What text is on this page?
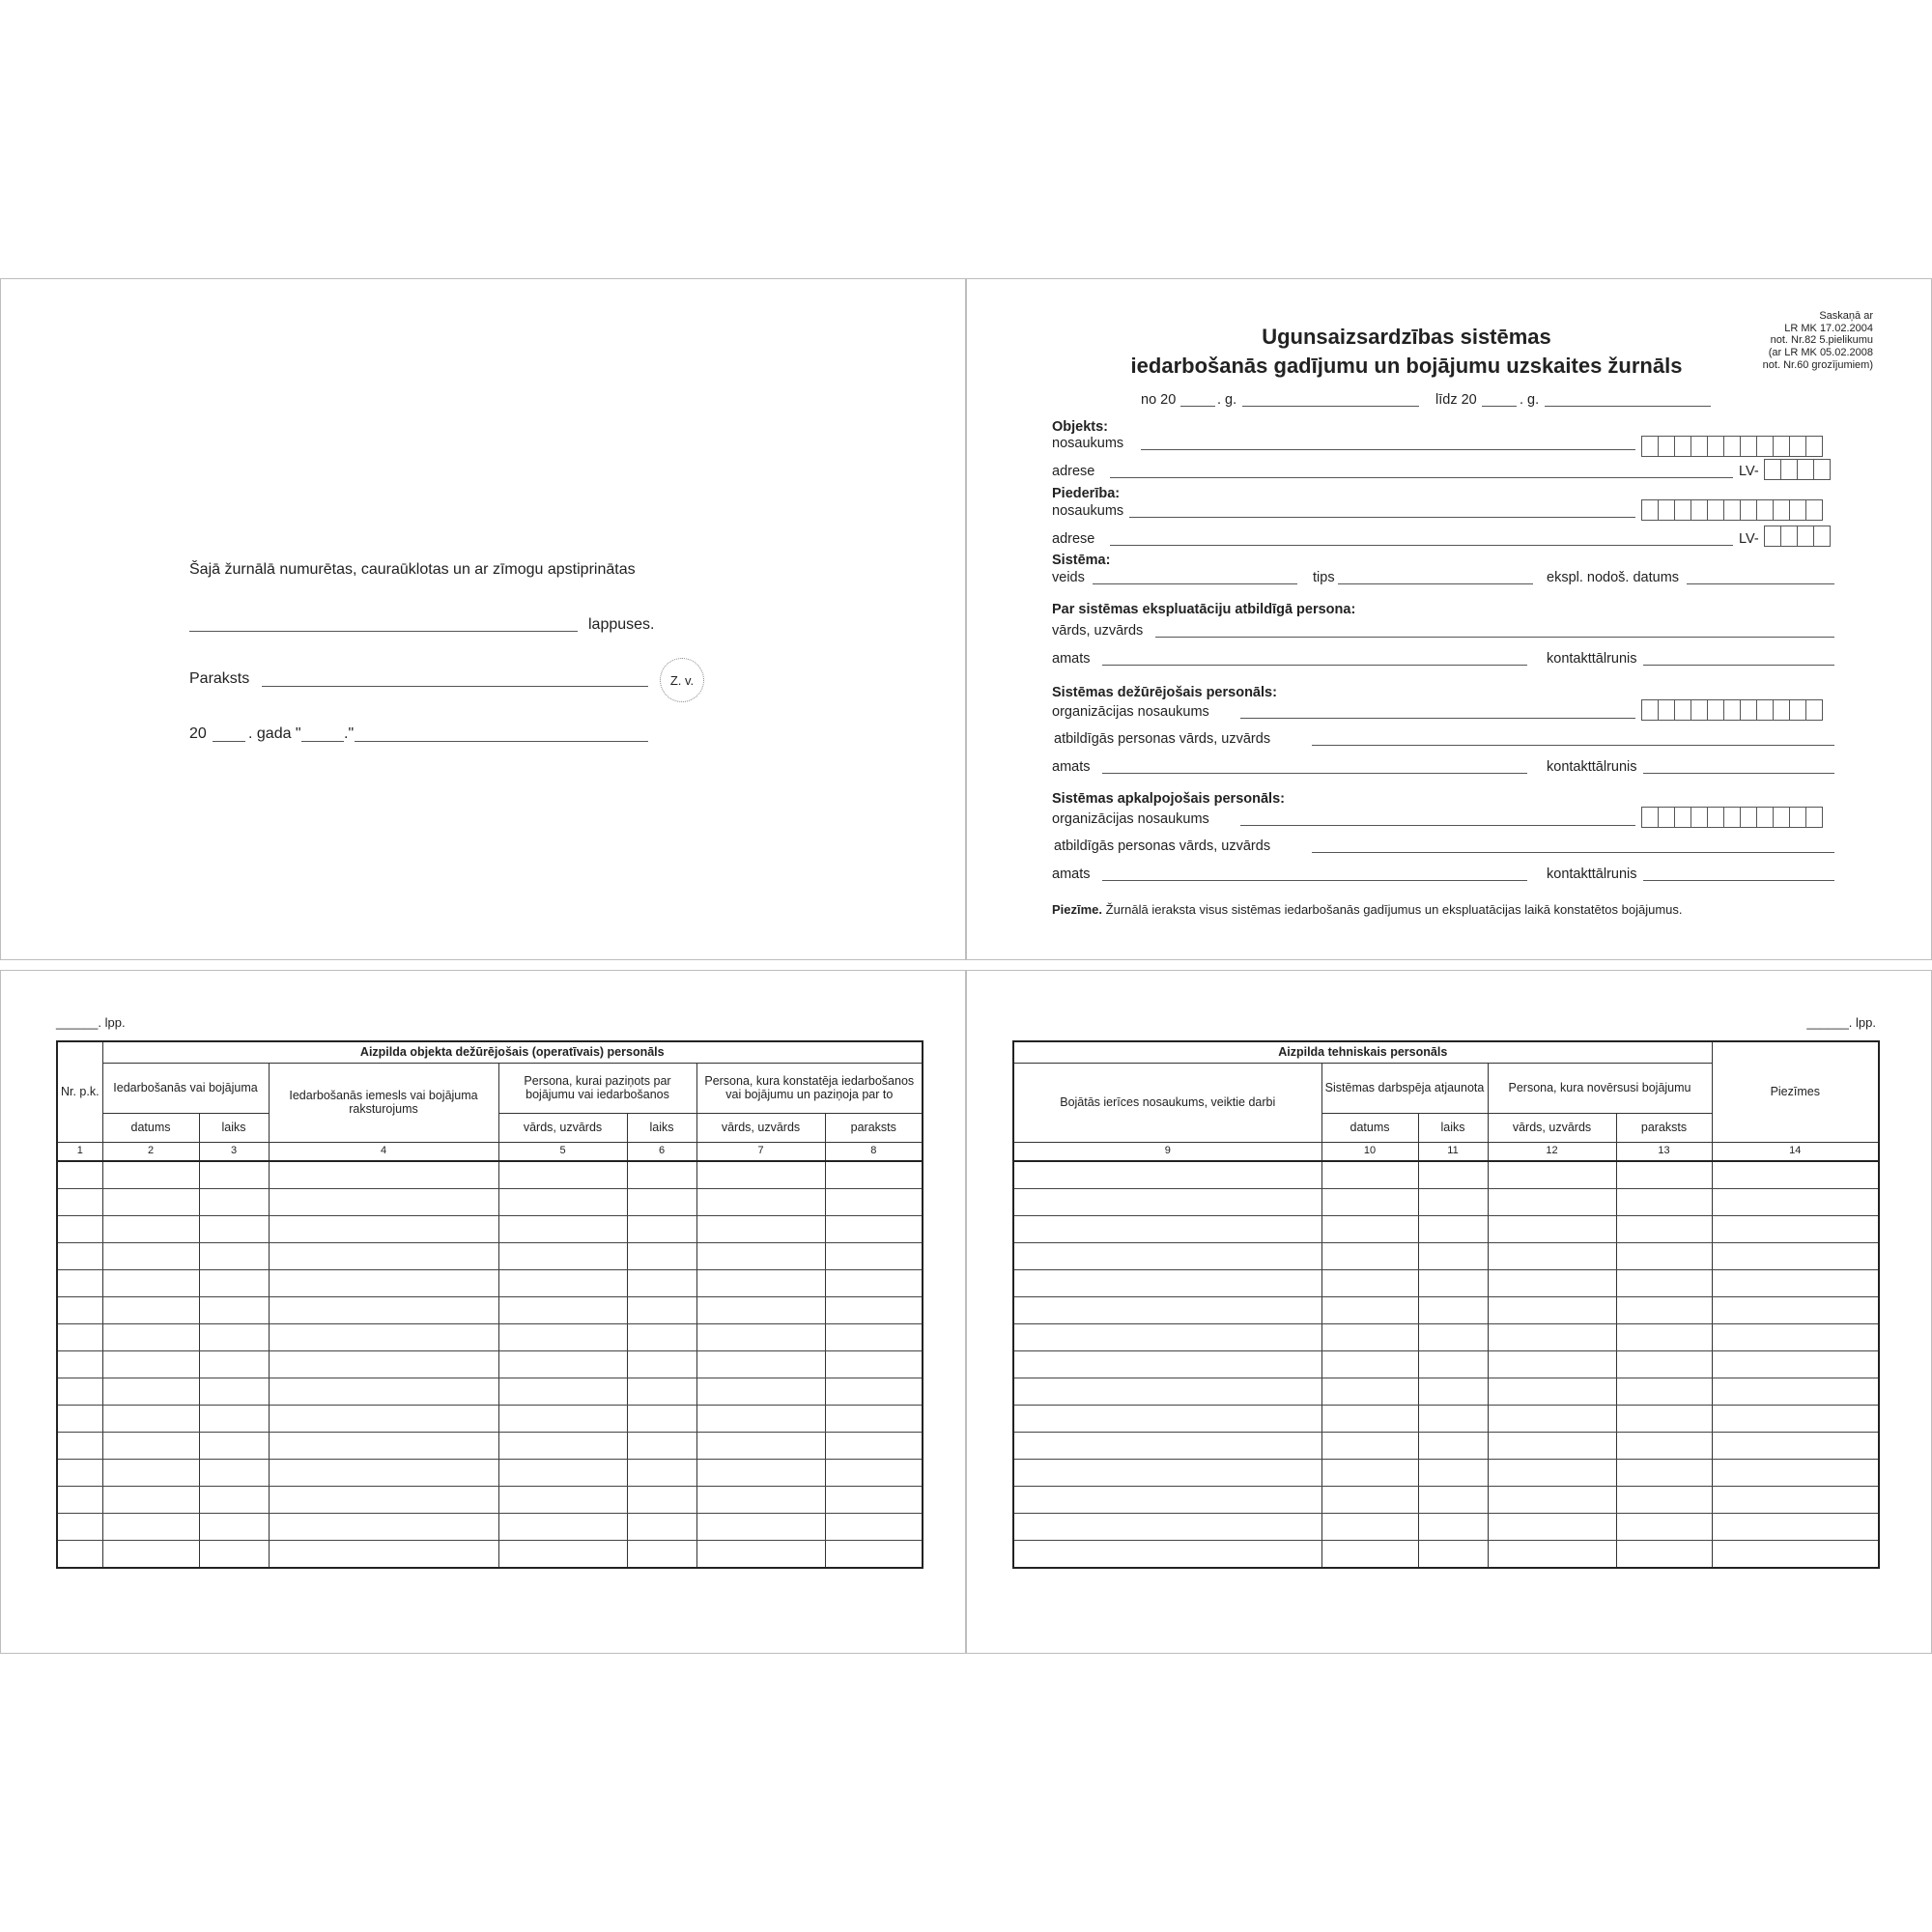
Šajā žurnālā numurētas, cauraūklotas un ar zīmogu apstiprinātas
lappuses.
Paraksts	Z. v.
20	. gada "	."
Ugunsaizsardzības sistēmas
iedarbošanās gadījumu un bojājumu uzskaites žurnāls
Saskaņā ar
LR MK 17.02.2004
not. Nr.82 5.pielikumu
(ar LR MK 05.02.2008
not. Nr.60 grozījumiem)
no 20	. g.	līdz 20	. g.
Objekts:
nosaukums
adrese	LV-
Piederība:
nosaukums
adrese	LV-
Sistēma:
veids	tips	ekspl. nodoš. datums
Par sistēmas ekspluatāciju atbildīgā persona:
vārds, uzvārds
amats	kontakttālrunis
Sistēmas dežūrējošais personāls:
organizācijas nosaukums
atbildīgās personas vārds, uzvārds
amats	kontakttālrunis
Sistēmas apkalpojošais personāls:
organizācijas nosaukums
atbildīgās personas vārds, uzvārds
amats	kontakttālrunis
Piezīme. Žurnālā ieraksta visus sistēmas iedarbošanās gadījumus un ekspluatācijas laikā konstatētos bojājumus.
______. lpp.
Nr. p.k.	Aizpilda objekta dežūrējošais (operatīvais) personāls						
	Iedarbošanās vai bojājuma		Iedarbošanās iemesls vai bojājuma raksturojums	Persona, kurai paziņots par bojājumu vai iedarbošanos		Persona, kura konstatēja iedarbošanos vai bojājumu un paziņoja par to	
	datums	laiks		vārds, uzvārds	laiks	vārds, uzvārds	paraksts
1	2	3	4	5	6	7	8

______. lpp.
Aizpilda tehniskais personāls					Piezīmes
Bojātās ierīces nosaukums, veiktie darbi	Sistēmas darbspēja atjaunota		Persona, kura novērsusi bojājumu		
	datums	laiks	vārds, uzvārds	paraksts	
9	10	11	12	13	14
